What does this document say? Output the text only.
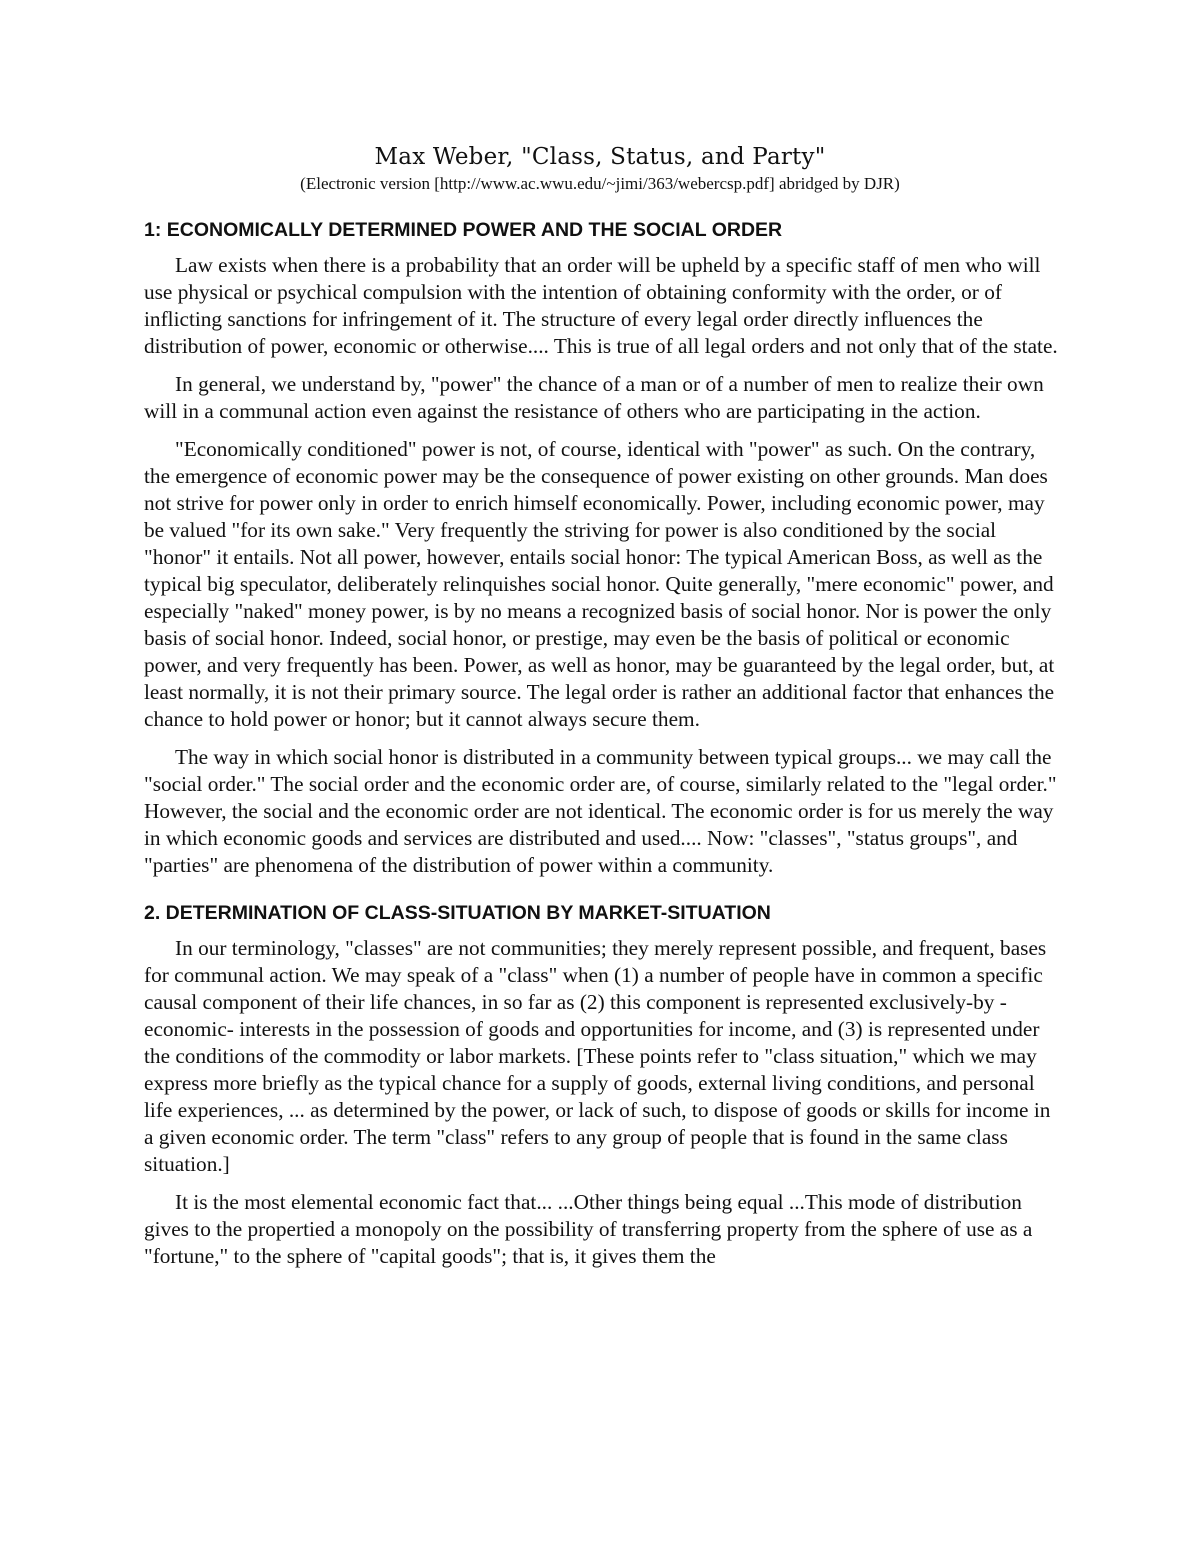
Max Weber, "Class, Status, and Party"
(Electronic version [http://www.ac.wwu.edu/~jimi/363/webercsp.pdf] abridged by DJR)
1: ECONOMICALLY DETERMINED POWER AND THE SOCIAL ORDER

Law exists when there is a probability that an order will be upheld by a specific staff of men who will use physical or psychical compulsion with the intention of obtaining conformity with the order, or of inflicting sanctions for infringement of it. The structure of every legal order directly influences the distribution of power, economic or otherwise.... This is true of all legal orders and not only that of the state.

In general, we understand by, "power" the chance of a man or of a number of men to realize their own will in a communal action even against the resistance of others who are participating in the action.

"Economically conditioned" power is not, of course, identical with "power" as such. On the contrary, the emergence of economic power may be the consequence of power existing on other grounds. Man does not strive for power only in order to enrich himself economically. Power, including economic power, may be valued "for its own sake." Very frequently the striving for power is also conditioned by the social "honor" it entails. Not all power, however, entails social honor: The typical American Boss, as well as the typical big speculator, deliberately relinquishes social honor. Quite generally, "mere economic" power, and especially "naked" money power, is by no means a recognized basis of social honor. Nor is power the only basis of social honor. Indeed, social honor, or prestige, may even be the basis of political or economic power, and very frequently has been. Power, as well as honor, may be guaranteed by the legal order, but, at least normally, it is not their primary source. The legal order is rather an additional factor that enhances the chance to hold power or honor; but it cannot always secure them.

The way in which social honor is distributed in a community between typical groups... we may call the "social order." The social order and the economic order are, of course, similarly related to the "legal order." However, the social and the economic order are not identical. The economic order is for us merely the way in which economic goods and services are distributed and used.... Now: "classes", "status groups", and "parties" are phenomena of the distribution of power within a community.

2. DETERMINATION OF CLASS-SITUATION BY MARKET-SITUATION

In our terminology, "classes" are not communities; they merely represent possible, and frequent, bases for communal action. We may speak of a "class" when (1) a number of people have in common a specific causal component of their life chances, in so far as (2) this component is represented exclusively-by -economic- interests in the possession of goods and opportunities for income, and (3) is represented under the conditions of the commodity or labor markets. [These points refer to "class situation," which we may express more briefly as the typical chance for a supply of goods, external living conditions, and personal life experiences, ... as determined by the power, or lack of such, to dispose of goods or skills for income in a given economic order. The term "class" refers to any group of people that is found in the same class situation.]

It is the most elemental economic fact that... ...Other things being equal ...This mode of distribution gives to the propertied a monopoly on the possibility of transferring property from the sphere of use as a "fortune," to the sphere of "capital goods"; that is, it gives them the
